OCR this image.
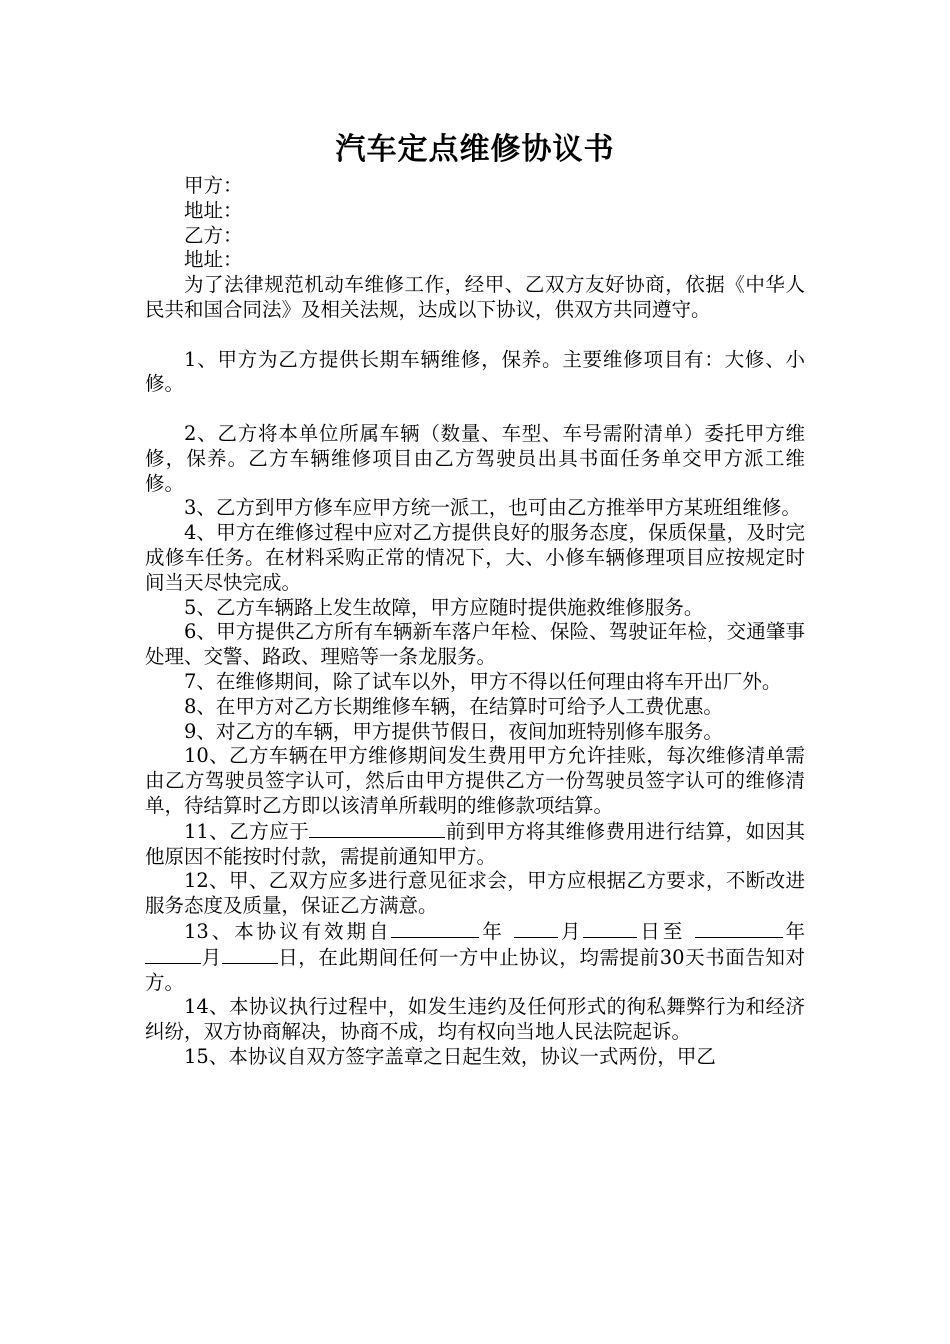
汽车定点维修协议书

甲方：

地址：

乙方：

地址：

为了法律规范机动车维修工作，经甲、乙双方友好协商，依据《中华人民共和国合同法》及相关法规，达成以下协议，供双方共同遵守。

1、甲方为乙方提供长期车辆维修，保养。主要维修项目有：大修、小修。

2、乙方将本单位所属车辆（数量、车型、车号需附清单）委托甲方维修，保养。乙方车辆维修项目由乙方驾驶员出具书面任务单交甲方派工维修。

3、乙方到甲方修车应甲方统一派工，也可由乙方推举甲方某班组维修。

4、甲方在维修过程中应对乙方提供良好的服务态度，保质保量，及时完成修车任务。在材料采购正常的情况下，大、小修车辆修理项目应按规定时间当天尽快完成。

5、乙方车辆路上发生故障，甲方应随时提供施救维修服务。

6、甲方提供乙方所有车辆新车落户年检、保险、驾驶证年检，交通肇事处理、交警、路政、理赔等一条龙服务。

7、在维修期间，除了试车以外，甲方不得以任何理由将车开出厂外。

8、在甲方对乙方长期维修车辆，在结算时可给予人工费优惠。

9、对乙方的车辆，甲方提供节假日，夜间加班特别修车服务。

10、乙方车辆在甲方维修期间发生费用甲方允许挂账，每次维修清单需由乙方驾驶员签字认可，然后由甲方提供乙方一份驾驶员签字认可的维修清单，待结算时乙方即以该清单所载明的维修款项结算。

11、乙方应于	前到甲方将其维修费用进行结算，如因其他原因不能按时付款，需提前通知甲方。

12、甲、乙双方应多进行意见征求会，甲方应根据乙方要求，不断改进服务态度及质量，保证乙方满意。

13、本协议有效期自	年	月	日至	年 月	日，在此期间任何一方中止协议，均需提前30天书面告知对方。

14、本协议执行过程中，如发生违约及任何形式的徇私舞弊行为和经济纠纷，双方协商解决，协商不成，均有权向当地人民法院起诉。

15、本协议自双方签字盖章之日起生效，协议一式两份，甲乙
